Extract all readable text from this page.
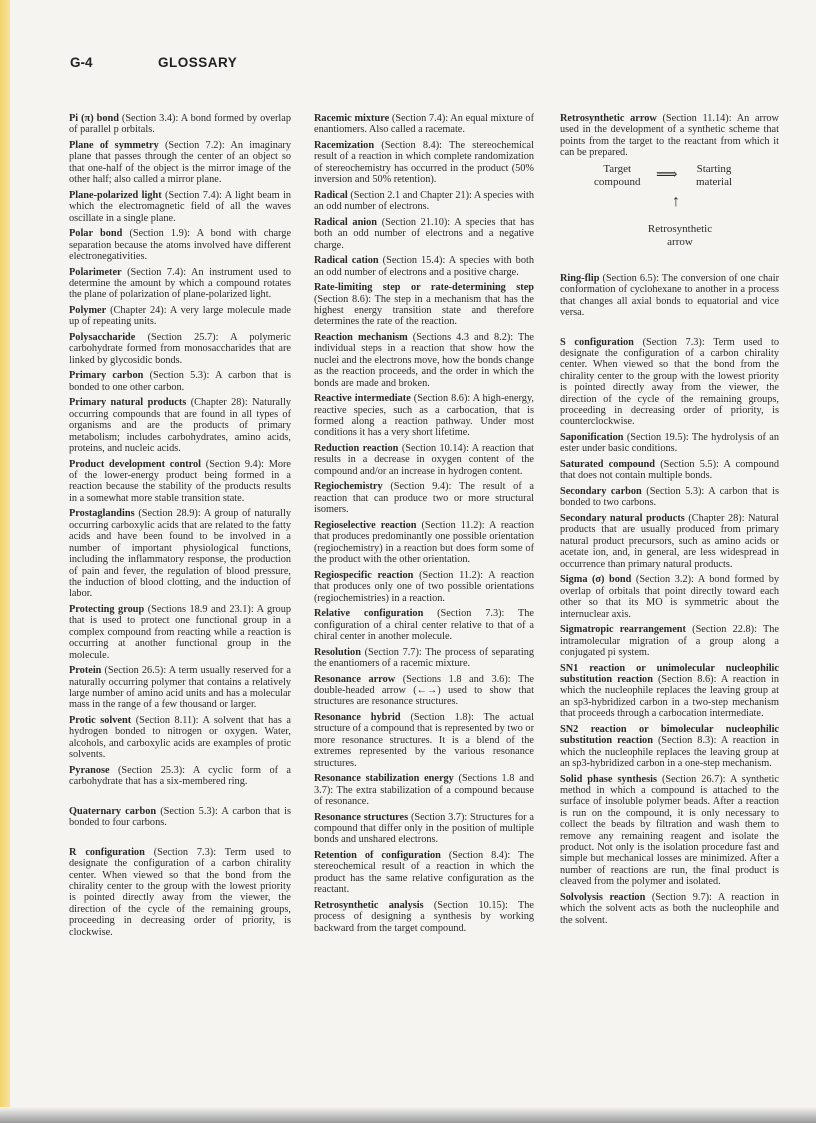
G-4	GLOSSARY
Pi (π) bond (Section 3.4): A bond formed by overlap of parallel p orbitals.
Plane of symmetry (Section 7.2): An imaginary plane that passes through the center of an object so that one-half of the object is the mirror image of the other half; also called a mirror plane.
Plane-polarized light (Section 7.4): A light beam in which the electromagnetic field of all the waves oscillate in a single plane.
Polar bond (Section 1.9): A bond with charge separation because the atoms involved have different electronegativities.
Polarimeter (Section 7.4): An instrument used to determine the amount by which a compound rotates the plane of polarization of plane-polarized light.
Polymer (Chapter 24): A very large molecule made up of repeating units.
Polysaccharide (Section 25.7): A polymeric carbohydrate formed from monosaccharides that are linked by glycosidic bonds.
Primary carbon (Section 5.3): A carbon that is bonded to one other carbon.
Primary natural products (Chapter 28): Naturally occurring compounds that are found in all types of organisms and are the products of primary metabolism; includes carbohydrates, amino acids, proteins, and nucleic acids.
Product development control (Section 9.4): More of the lower-energy product being formed in a reaction because the stability of the products results in a somewhat more stable transition state.
Prostaglandins (Section 28.9): A group of naturally occurring carboxylic acids that are related to the fatty acids and have been found to be involved in a number of important physiological functions, including the inflammatory response, the production of pain and fever, the regulation of blood pressure, the induction of blood clotting, and the induction of labor.
Protecting group (Sections 18.9 and 23.1): A group that is used to protect one functional group in a complex compound from reacting while a reaction is occurring at another functional group in the molecule.
Protein (Section 26.5): A term usually reserved for a naturally occurring polymer that contains a relatively large number of amino acid units and has a molecular mass in the range of a few thousand or larger.
Protic solvent (Section 8.11): A solvent that has a hydrogen bonded to nitrogen or oxygen. Water, alcohols, and carboxylic acids are examples of protic solvents.
Pyranose (Section 25.3): A cyclic form of a carbohydrate that has a six-membered ring.
Quaternary carbon (Section 5.3): A carbon that is bonded to four carbons.
R configuration (Section 7.3): Term used to designate the configuration of a carbon chirality center. When viewed so that the bond from the chirality center to the group with the lowest priority is pointed directly away from the viewer, the direction of the cycle of the remaining groups, proceeding in decreasing order of priority, is clockwise.
Racemic mixture (Section 7.4): An equal mixture of enantiomers. Also called a racemate.
Racemization (Section 8.4): The stereochemical result of a reaction in which complete randomization of stereochemistry has occurred in the product (50% inversion and 50% retention).
Radical (Section 2.1 and Chapter 21): A species with an odd number of electrons.
Radical anion (Section 21.10): A species that has both an odd number of electrons and a negative charge.
Radical cation (Section 15.4): A species with both an odd number of electrons and a positive charge.
Rate-limiting step or rate-determining step (Section 8.6): The step in a mechanism that has the highest energy transition state and therefore determines the rate of the reaction.
Reaction mechanism (Sections 4.3 and 8.2): The individual steps in a reaction that show how the nuclei and the electrons move, how the bonds change as the reaction proceeds, and the order in which the bonds are made and broken.
Reactive intermediate (Section 8.6): A high-energy, reactive species, such as a carbocation, that is formed along a reaction pathway. Under most conditions it has a very short lifetime.
Reduction reaction (Section 10.14): A reaction that results in a decrease in oxygen content of the compound and/or an increase in hydrogen content.
Regiochemistry (Section 9.4): The result of a reaction that can produce two or more structural isomers.
Regioselective reaction (Section 11.2): A reaction that produces predominantly one possible orientation (regiochemistry) in a reaction but does form some of the product with the other orientation.
Regiospecific reaction (Section 11.2): A reaction that produces only one of two possible orientations (regiochemistries) in a reaction.
Relative configuration (Section 7.3): The configuration of a chiral center relative to that of a chiral center in another molecule.
Resolution (Section 7.7): The process of separating the enantiomers of a racemic mixture.
Resonance arrow (Sections 1.8 and 3.6): The double-headed arrow (←→) used to show that structures are resonance structures.
Resonance hybrid (Section 1.8): The actual structure of a compound that is represented by two or more resonance structures. It is a blend of the extremes represented by the various resonance structures.
Resonance stabilization energy (Sections 1.8 and 3.7): The extra stabilization of a compound because of resonance.
Resonance structures (Section 3.7): Structures for a compound that differ only in the position of multiple bonds and unshared electrons.
Retention of configuration (Section 8.4): The stereochemical result of a reaction in which the product has the same relative configuration as the reactant.
Retrosynthetic analysis (Section 10.15): The process of designing a synthesis by working backward from the target compound.
Retrosynthetic arrow (Section 11.14): An arrow used in the development of a synthetic scheme that points from the target to the reactant from which it can be prepared.
Target
compound ⟹ Starting
material
↑
Retrosynthetic
arrow
Ring-flip (Section 6.5): The conversion of one chair conformation of cyclohexane to another in a process that changes all axial bonds to equatorial and vice versa.
S configuration (Section 7.3): Term used to designate the configuration of a carbon chirality center. When viewed so that the bond from the chirality center to the group with the lowest priority is pointed directly away from the viewer, the direction of the cycle of the remaining groups, proceeding in decreasing order of priority, is counterclockwise.
Saponification (Section 19.5): The hydrolysis of an ester under basic conditions.
Saturated compound (Section 5.5): A compound that does not contain multiple bonds.
Secondary carbon (Section 5.3): A carbon that is bonded to two carbons.
Secondary natural products (Chapter 28): Natural products that are usually produced from primary natural product precursors, such as amino acids or acetate ion, and, in general, are less widespread in occurrence than primary natural products.
Sigma (σ) bond (Section 3.2): A bond formed by overlap of orbitals that point directly toward each other so that its MO is symmetric about the internuclear axis.
Sigmatropic rearrangement (Section 22.8): The intramolecular migration of a group along a conjugated pi system.
SN1 reaction or unimolecular nucleophilic substitution reaction (Section 8.6): A reaction in which the nucleophile replaces the leaving group at an sp3-hybridized carbon in a two-step mechanism that proceeds through a carbocation intermediate.
SN2 reaction or bimolecular nucleophilic substitution reaction (Section 8.3): A reaction in which the nucleophile replaces the leaving group at an sp3-hybridized carbon in a one-step mechanism.
Solid phase synthesis (Section 26.7): A synthetic method in which a compound is attached to the surface of insoluble polymer beads. After a reaction is run on the compound, it is only necessary to collect the beads by filtration and wash them to remove any remaining reagent and isolate the product. Not only is the isolation procedure fast and simple but mechanical losses are minimized. After a number of reactions are run, the final product is cleaved from the polymer and isolated.
Solvolysis reaction (Section 9.7): A reaction in which the solvent acts as both the nucleophile and the solvent.
